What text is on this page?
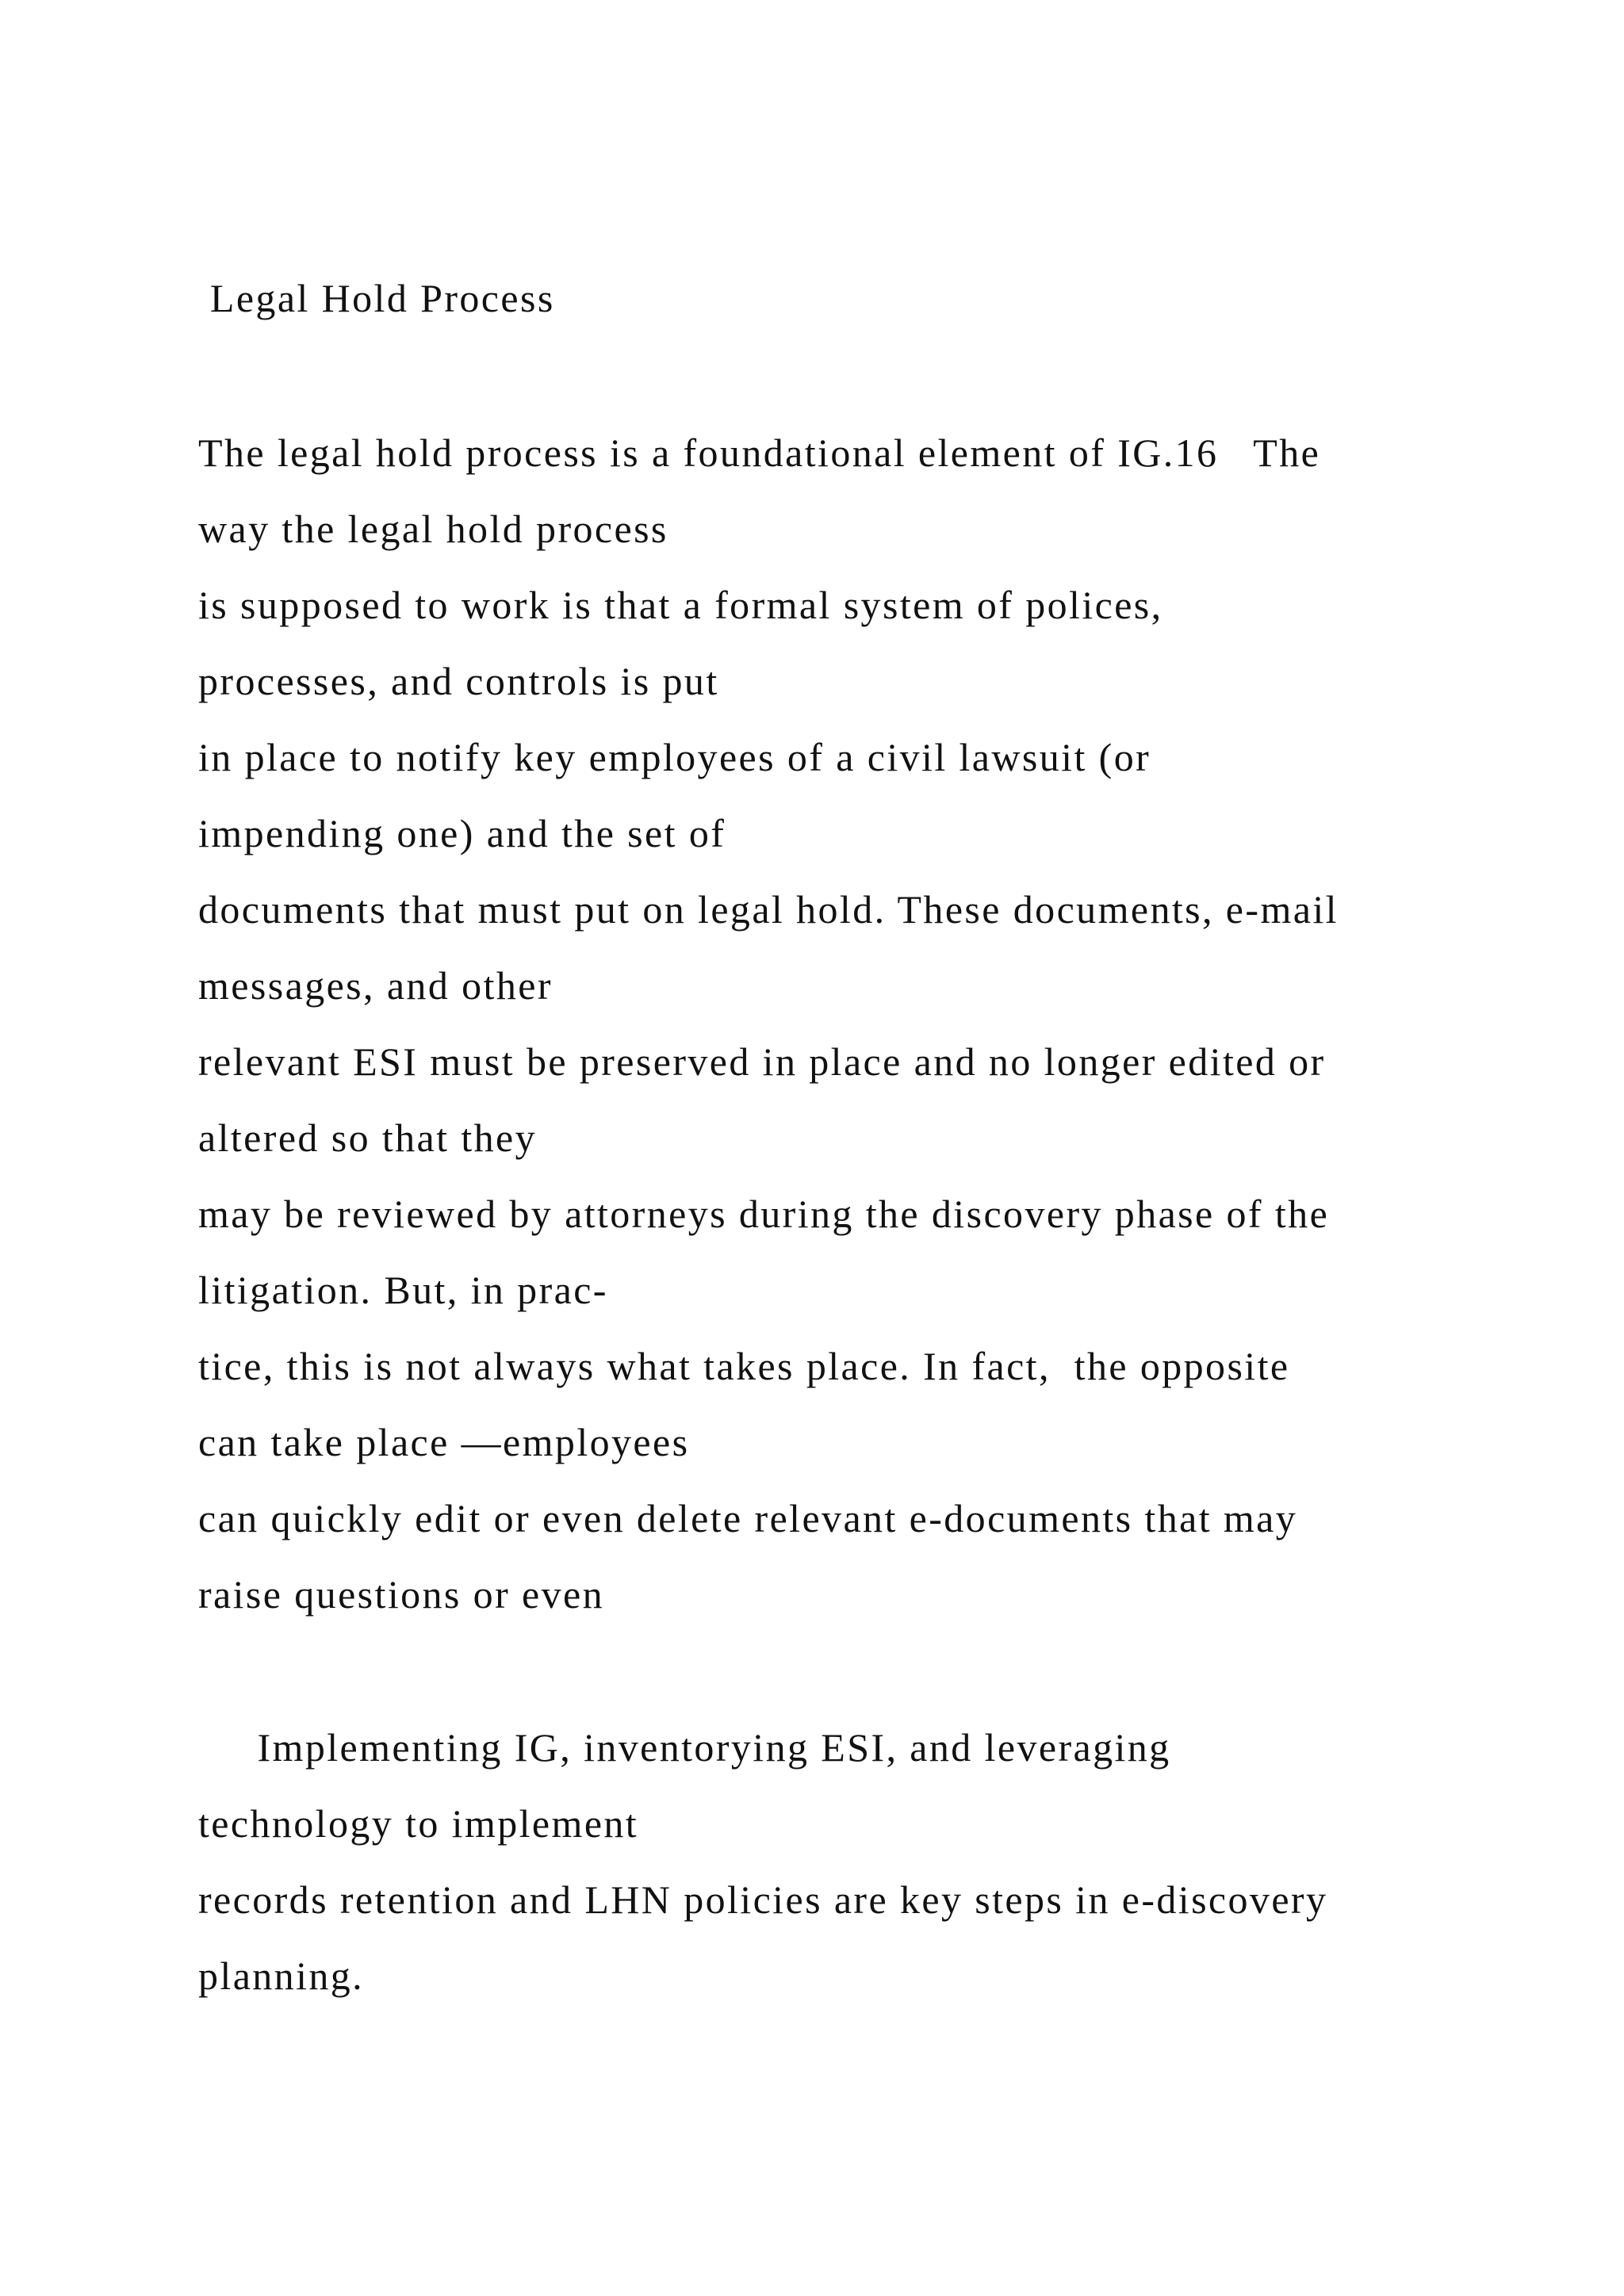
Legal Hold Process

The legal hold process is a foundational element of IG.16   The

way the legal hold process

is supposed to work is that a formal system of polices,

processes, and controls is put

in place to notify key employees of a civil lawsuit (or

impending one) and the set of

documents that must put on legal hold. These documents, e-mail

messages, and other

relevant ESI must be preserved in place and no longer edited or

altered so that they

may be reviewed by attorneys during the discovery phase of the

litigation. But, in prac-

tice, this is not always what takes place. In fact,  the opposite

can take place —employees

can quickly edit or even delete relevant e-documents that may

raise questions or even

Implementing IG, inventorying ESI, and leveraging

technology to implement

records retention and LHN policies are key steps in e-discovery

planning.
